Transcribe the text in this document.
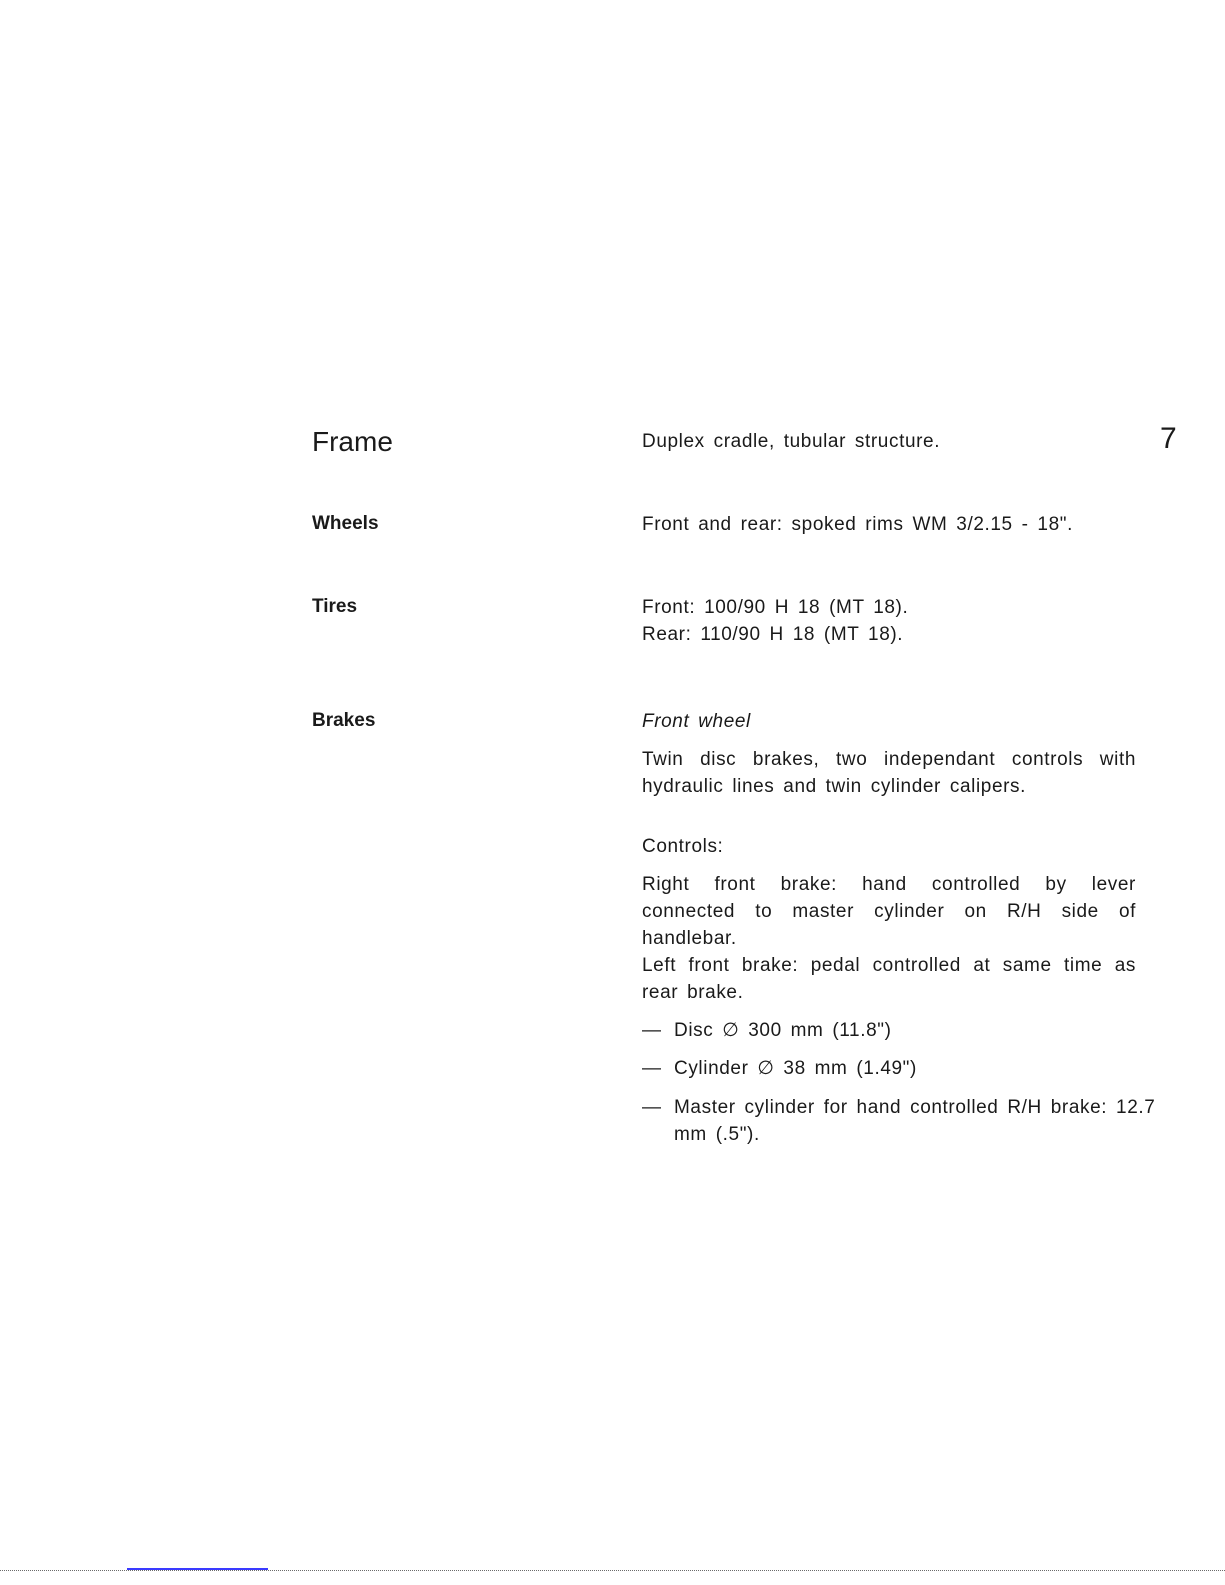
7
Frame	Duplex cradle, tubular structure.
Wheels	Front and rear: spoked rims WM 3/2.15 - 18".
Tires	Front: 100/90 H 18 (MT 18).

Rear: 110/90 H 18 (MT 18).

Brakes	Front wheel
Twin disc brakes, two independant controls with hydraulic lines and twin cylinder calipers.
Controls:
Right front brake: hand controlled by lever connected to master cylinder on R/H side of handlebar.
Left front brake: pedal controlled at same time as rear brake.
— Disc ∅ 300 mm (11.8")
— Cylinder ∅ 38 mm (1.49")
— Master cylinder for hand controlled R/H brake: 12.7 mm (.5").
